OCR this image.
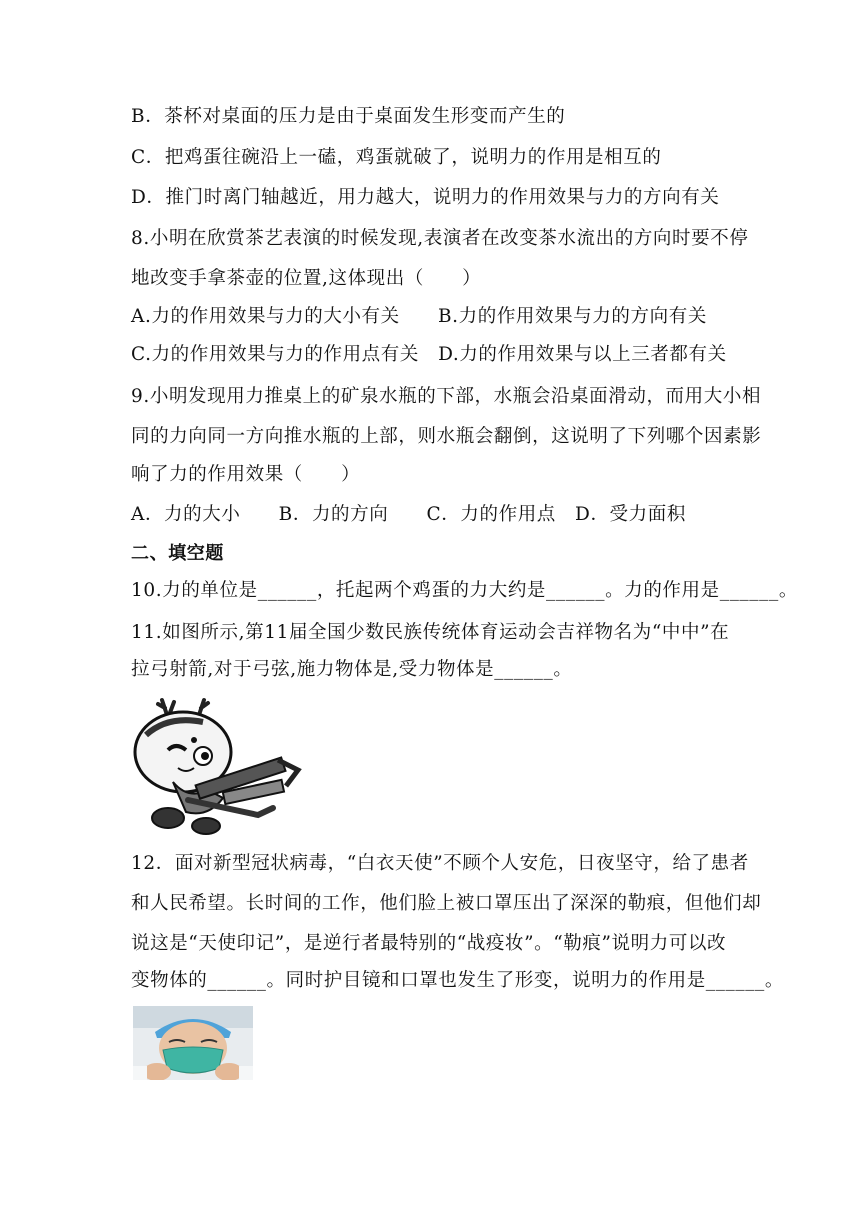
B．茶杯对桌面的压力是由于桌面发生形变而产生的
C．把鸡蛋往碗沿上一磕，鸡蛋就破了，说明力的作用是相互的
D．推门时离门轴越近，用力越大，说明力的作用效果与力的方向有关
8.小明在欣赏茶艺表演的时候发现,表演者在改变茶水流出的方向时要不停
地改变手拿茶壶的位置,这体现出（　　）
A.力的作用效果与力的大小有关　　B.力的作用效果与力的方向有关
C.力的作用效果与力的作用点有关　D.力的作用效果与以上三者都有关
9.小明发现用力推桌上的矿泉水瓶的下部，水瓶会沿桌面滑动，而用大小相
同的力向同一方向推水瓶的上部，则水瓶会翻倒，这说明了下列哪个因素影
响了力的作用效果（　　）
A．力的大小　　B．力的方向　　C．力的作用点　D．受力面积
二、填空题
10.力的单位是______，托起两个鸡蛋的力大约是______。力的作用是______。
11.如图所示,第11届全国少数民族传统体育运动会吉祥物名为“中中”在
拉弓射箭,对于弓弦,施力物体是,受力物体是______。
12．面对新型冠状病毒，“白衣天使”不顾个人安危，日夜坚守，给了患者
和人民希望。长时间的工作，他们脸上被口罩压出了深深的勒痕，但他们却
说这是“天使印记”，是逆行者最特别的“战疫妆”。“勒痕”说明力可以改
变物体的______。同时护目镜和口罩也发生了形变，说明力的作用是______。
